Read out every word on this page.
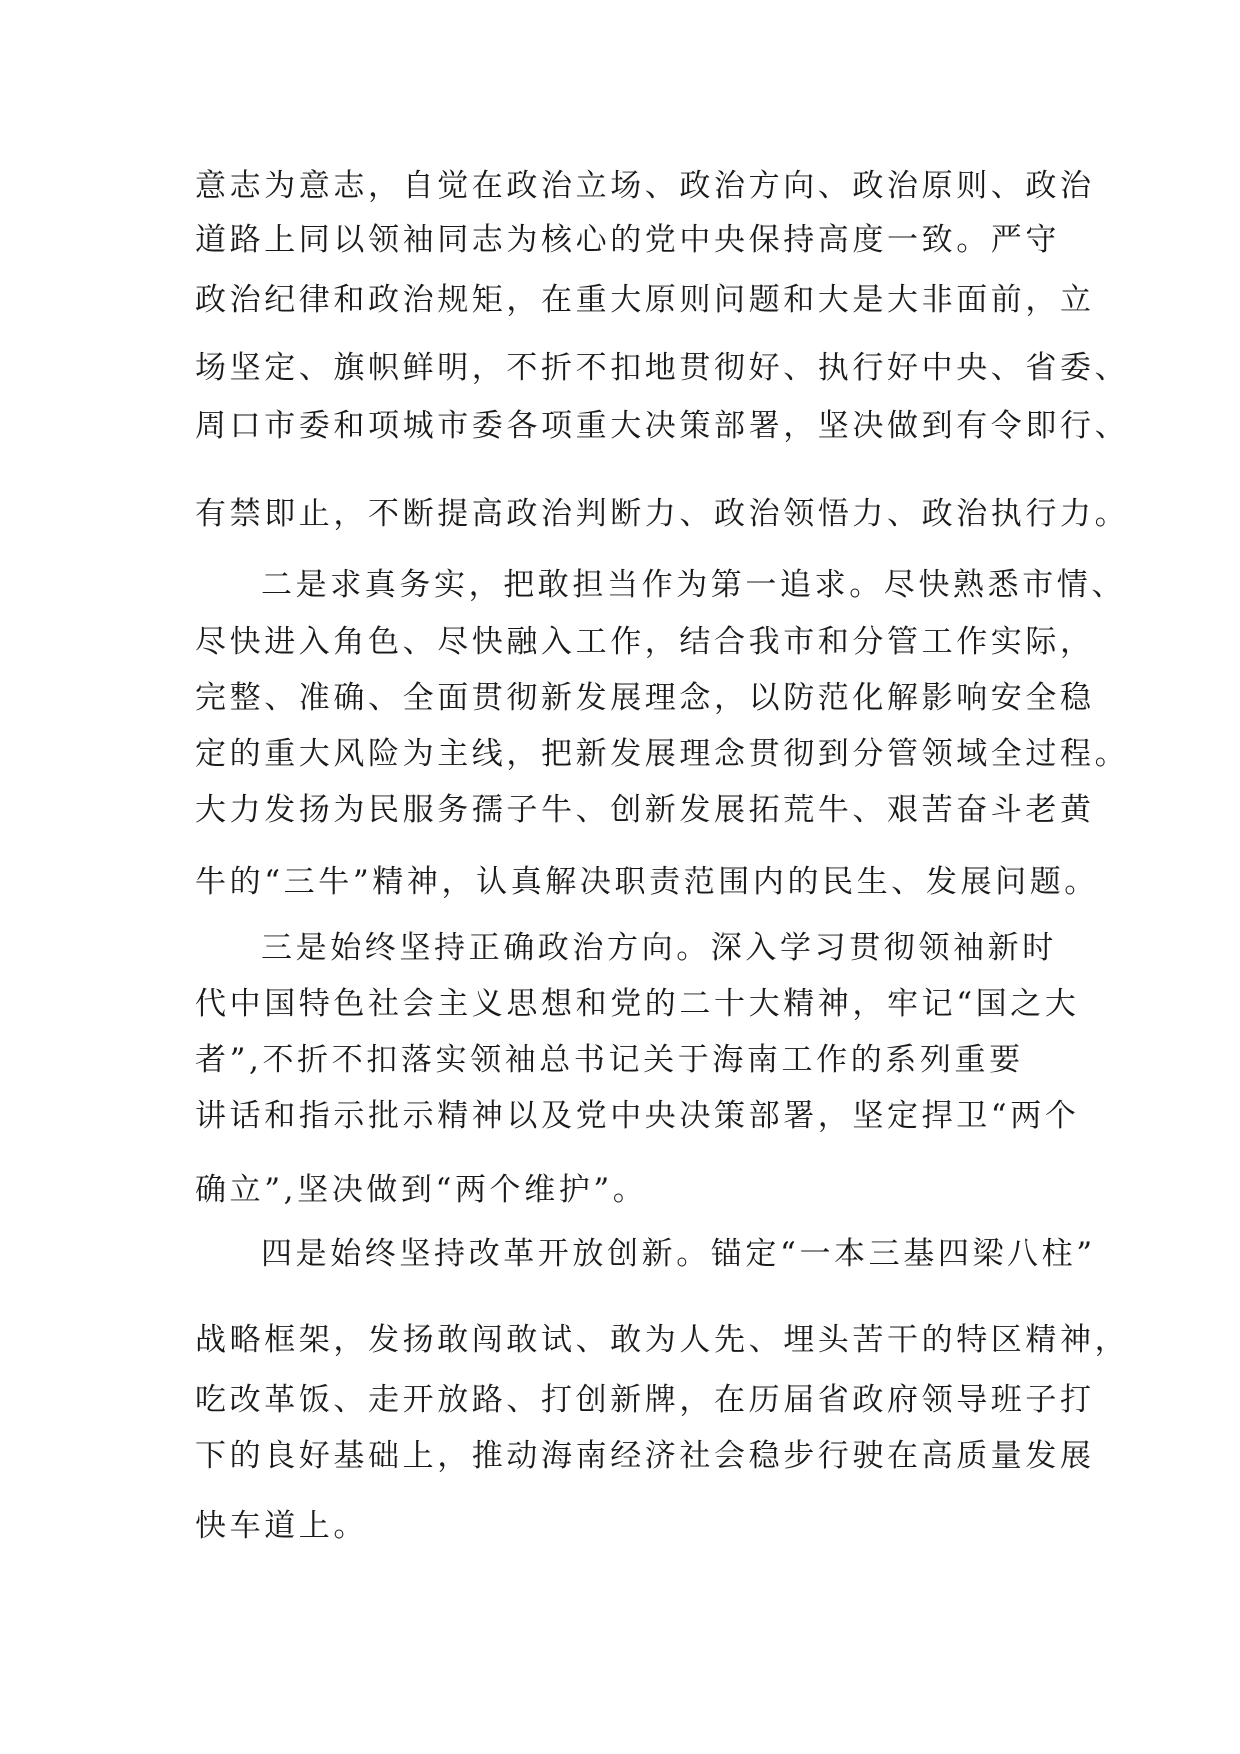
意志为意志，自觉在政治立场、政治方向、政治原则、政治
道路上同以领袖同志为核心的党中央保持高度一致。严守
政治纪律和政治规矩，在重大原则问题和大是大非面前，立
场坚定、旗帜鲜明，不折不扣地贯彻好、执行好中央、省委、
周口市委和项城市委各项重大决策部署，坚决做到有令即行、
有禁即止，不断提高政治判断力、政治领悟力、政治执行力。
二是求真务实，把敢担当作为第一追求。尽快熟悉市情、
尽快进入角色、尽快融入工作，结合我市和分管工作实际，
完整、准确、全面贯彻新发展理念，以防范化解影响安全稳
定的重大风险为主线，把新发展理念贯彻到分管领域全过程。
大力发扬为民服务孺子牛、创新发展拓荒牛、艰苦奋斗老黄
牛的“三牛”精神，认真解决职责范围内的民生、发展问题。
三是始终坚持正确政治方向。深入学习贯彻领袖新时
代中国特色社会主义思想和党的二十大精神，牢记“国之大
者”,不折不扣落实领袖总书记关于海南工作的系列重要
讲话和指示批示精神以及党中央决策部署，坚定捍卫“两个
确立”,坚决做到“两个维护”。
四是始终坚持改革开放创新。锚定“一本三基四梁八柱”
战略框架，发扬敢闯敢试、敢为人先、埋头苦干的特区精神，
吃改革饭、走开放路、打创新牌，在历届省政府领导班子打
下的良好基础上，推动海南经济社会稳步行驶在高质量发展
快车道上。
